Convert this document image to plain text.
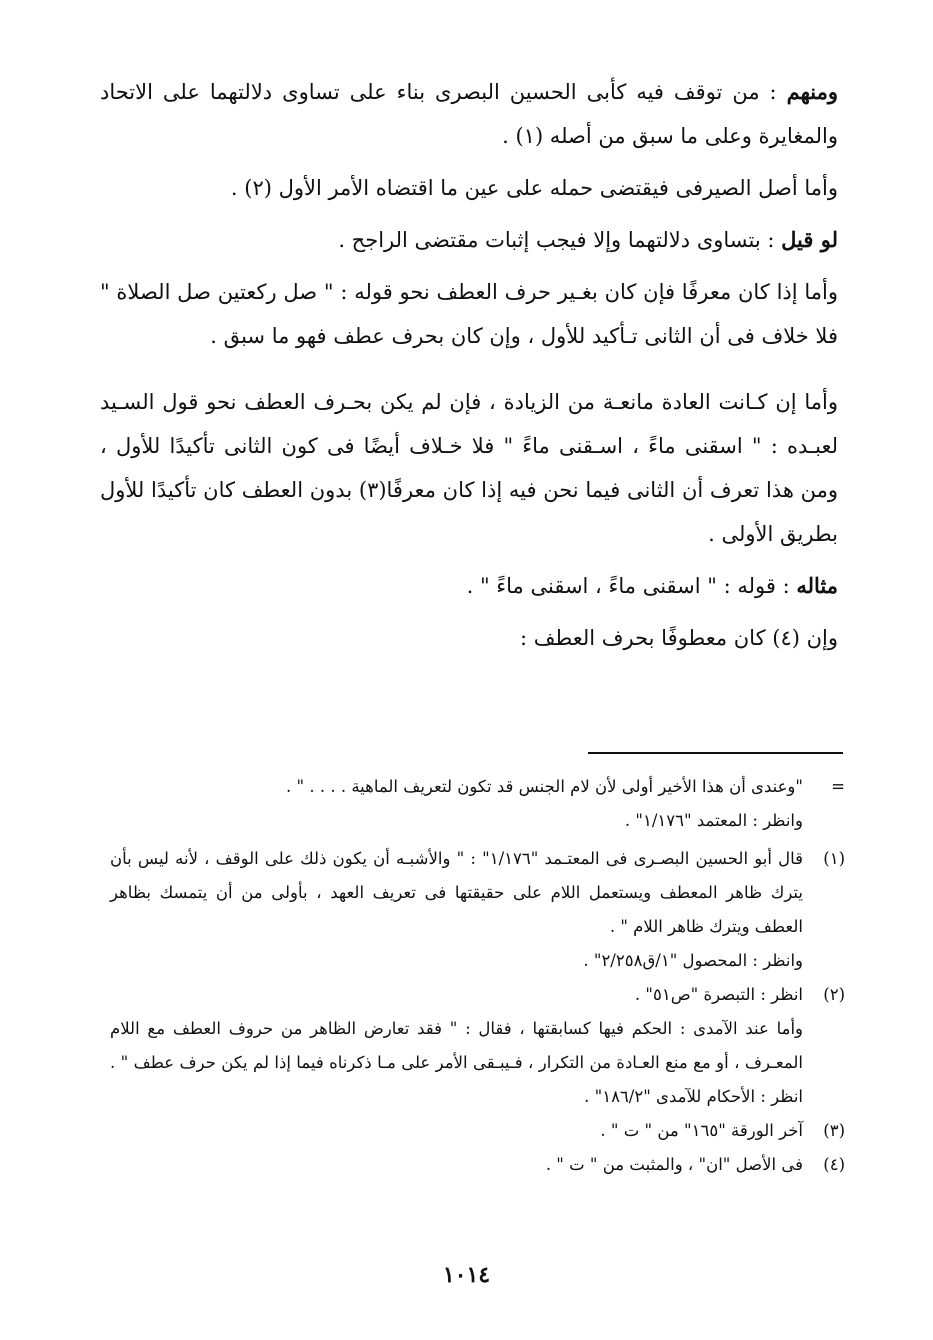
ومنهم : من توقف فيه كأبى الحسين البصرى بناء على تساوى دلالتهما على الاتحاد والمغايرة وعلى ما سبق من أصله (١) .

وأما أصل الصيرفى فيقتضى حمله على عين ما اقتضاه الأمر الأول (٢) .

لو قيل : بتساوى دلالتهما وإلا فيجب إثبات مقتضى الراجح .

وأما إذا كان معرفًا فإن كان بغـير حرف العطف نحو قوله : " صل ركعتين صل الصلاة " فلا خلاف فى أن الثانى تـأكيد للأول ، وإن كان بحرف عطف فهو ما سبق .

وأما إن كـانت العادة مانعـة من الزيادة ، فإن لم يكن بحـرف العطف نحو قول السـيد لعبـده : " اسقنى ماءً ، اسـقنى ماءً " فلا خـلاف أيضًا فى كون الثانى تأكيدًا للأول ، ومن هذا تعرف أن الثانى فيما نحن فيه إذا كان معرفًا(٣) بدون العطف كان تأكيدًا للأول بطريق الأولى .

مثاله : قوله : " اسقنى ماءً ، اسقنى ماءً " .

وإن (٤) كان معطوفًا بحرف العطف :

=

"وعندى أن هذا الأخير أولى لأن لام الجنس قد تكون لتعريف الماهية . . . . " .

وانظر : المعتمد "١/١٧٦" .

(١)

قال أبو الحسين البصـرى فى المعتـمد "١/١٧٦" : " والأشبـه أن يكون ذلك على الوقف ، لأنه ليس بأن يترك ظاهر المعطف ويستعمل اللام على حقيقتها فى تعريف العهد ، بأولى من أن يتمسك بظاهر العطف ويترك ظاهر اللام " .

وانظر : المحصول "١/ق٢/٢٥٨" .

(٢)

انظر : التبصرة "ص٥١" .

وأما عند الآمدى : الحكم فيها كسابقتها ، فقال : " فقد تعارض الظاهر من حروف العطف مع اللام المعـرف ، أو مع منع العـادة من التكرار ، فـيبـقى الأمر على مـا ذكرناه فيما إذا لم يكن حرف عطف " . انظر : الأحكام للآمدى "١٨٦/٢" .

(٣)

آخر الورقة "١٦٥" من " ت " .

(٤)

فى الأصل "ان" ، والمثبت من " ت " .

١٠١٤
